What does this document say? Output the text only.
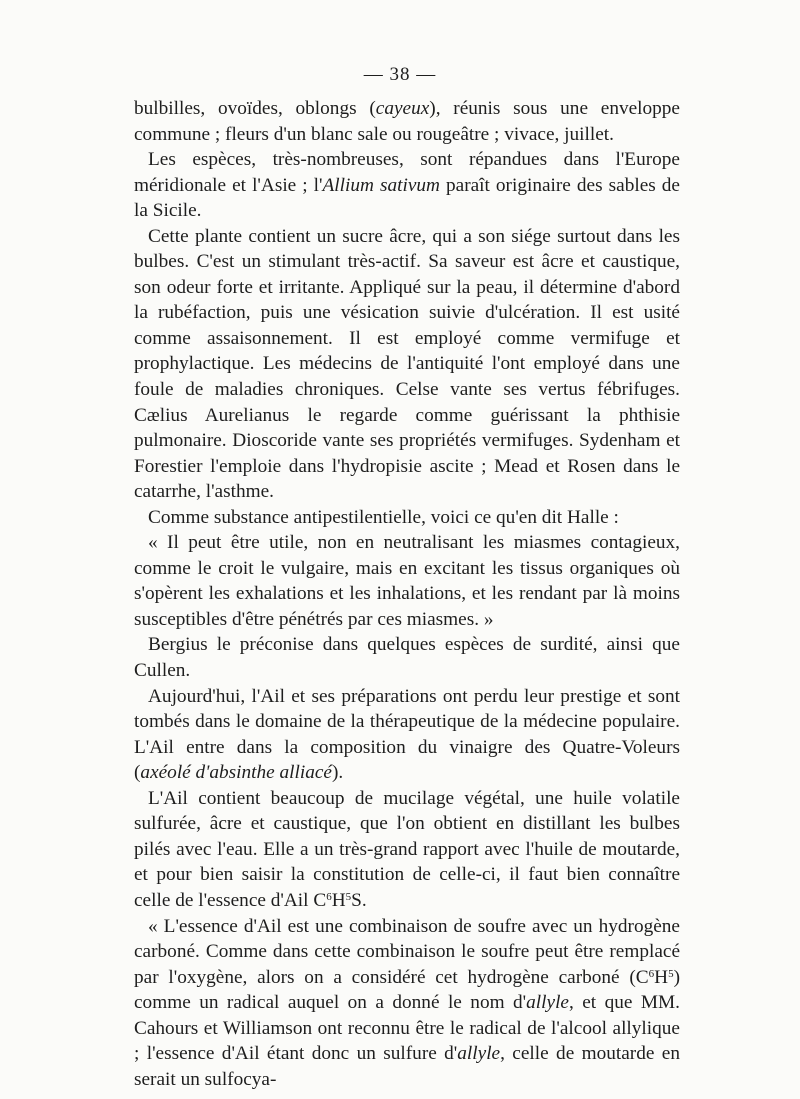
— 38 —

bulbilles, ovoïdes, oblongs (cayeux), réunis sous une enveloppe commune ; fleurs d'un blanc sale ou rougeâtre ; vivace, juillet.

Les espèces, très-nombreuses, sont répandues dans l'Europe méridionale et l'Asie ; l'Allium sativum paraît originaire des sables de la Sicile.

Cette plante contient un sucre âcre, qui a son siége surtout dans les bulbes. C'est un stimulant très-actif. Sa saveur est âcre et caustique, son odeur forte et irritante. Appliqué sur la peau, il détermine d'abord la rubéfaction, puis une vésication suivie d'ulcération. Il est usité comme assaisonnement. Il est employé comme vermifuge et prophylactique. Les médecins de l'antiquité l'ont employé dans une foule de maladies chroniques. Celse vante ses vertus fébrifuges. Cælius Aurelianus le regarde comme guérissant la phthisie pulmonaire. Dioscoride vante ses propriétés vermifuges. Sydenham et Forestier l'emploie dans l'hydropisie ascite ; Mead et Rosen dans le catarrhe, l'asthme.

Comme substance antipestilentielle, voici ce qu'en dit Halle :

« Il peut être utile, non en neutralisant les miasmes contagieux, comme le croit le vulgaire, mais en excitant les tissus organiques où s'opèrent les exhalations et les inhalations, et les rendant par là moins susceptibles d'être pénétrés par ces miasmes. »

Bergius le préconise dans quelques espèces de surdité, ainsi que Cullen.

Aujourd'hui, l'Ail et ses préparations ont perdu leur prestige et sont tombés dans le domaine de la thérapeutique de la médecine populaire. L'Ail entre dans la composition du vinaigre des Quatre-Voleurs (axéolé d'absinthe alliacé).

L'Ail contient beaucoup de mucilage végétal, une huile volatile sulfurée, âcre et caustique, que l'on obtient en distillant les bulbes pilés avec l'eau. Elle a un très-grand rapport avec l'huile de moutarde, et pour bien saisir la constitution de celle-ci, il faut bien connaître celle de l'essence d'Ail $C^6H^5S$.

« L'essence d'Ail est une combinaison de soufre avec un hydrogène carboné. Comme dans cette combinaison le soufre peut être remplacé par l'oxygène, alors on a considéré cet hydrogène carboné $(C^6H^5)$ comme un radical auquel on a donné le nom d'allyle, et que MM. Cahours et Williamson ont reconnu être le radical de l'alcool allylique ; l'essence d'Ail étant donc un sulfure d'allyle, celle de moutarde en serait un sulfocya-
